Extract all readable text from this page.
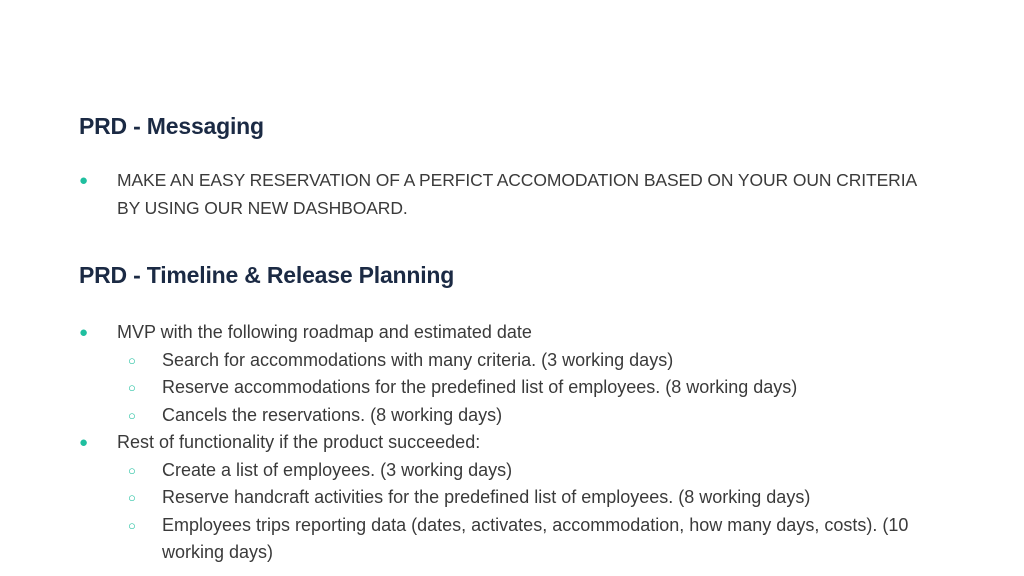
PRD - Messaging
● MAKE AN EASY RESERVATION OF A PERFICT ACCOMODATION BASED ON YOUR OUN CRITERIA BY USING OUR NEW DASHBOARD.
PRD - Timeline & Release Planning
● MVP with the following roadmap and estimated date
○ Search for accommodations with many criteria. (3 working days)
○ Reserve accommodations for the predefined list of employees. (8 working days)
○ Cancels the reservations. (8 working days)
● Rest of functionality if the product succeeded:
○ Create a list of employees. (3 working days)
○ Reserve handcraft activities for the predefined list of employees. (8 working days)
○ Employees trips reporting data (dates, activates, accommodation, how many days, costs). (10 working days)
